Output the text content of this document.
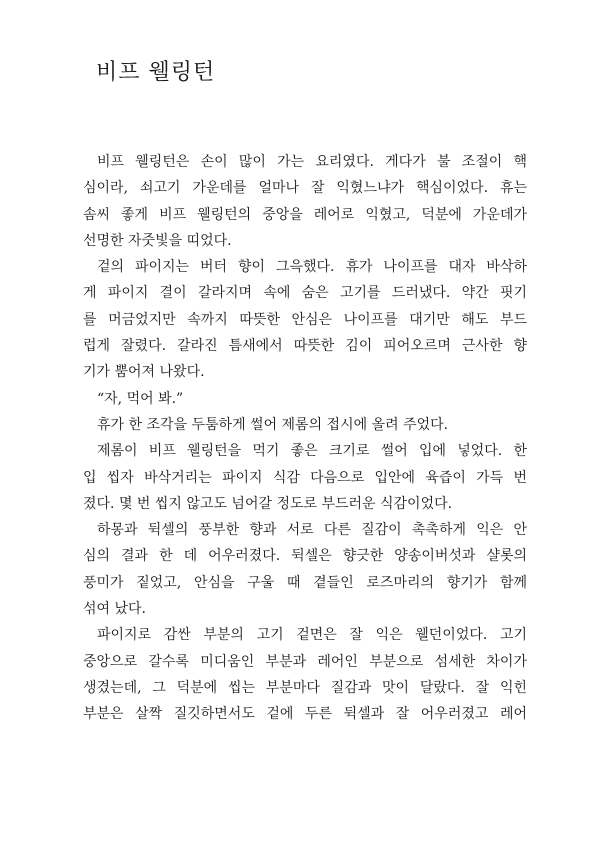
비프 웰링턴
비프 웰링턴은 손이 많이 가는 요리였다. 게다가 불 조절이 핵
심이라, 쇠고기 가운데를 얼마나 잘 익혔느냐가 핵심이었다. 휴는
솜씨 좋게 비프 웰링턴의 중앙을 레어로 익혔고, 덕분에 가운데가
선명한 자줏빛을 띠었다.
겉의 파이지는 버터 향이 그윽했다. 휴가 나이프를 대자 바삭하
게 파이지 결이 갈라지며 속에 숨은 고기를 드러냈다. 약간 핏기
를 머금었지만 속까지 따뜻한 안심은 나이프를 대기만 해도 부드
럽게 잘렸다. 갈라진 틈새에서 따뜻한 김이 피어오르며 근사한 향
기가 뿜어져 나왔다.
“자, 먹어 봐.”
휴가 한 조각을 두툼하게 썰어 제롬의 접시에 올려 주었다.
제롬이 비프 웰링턴을 먹기 좋은 크기로 썰어 입에 넣었다. 한
입 씹자 바삭거리는 파이지 식감 다음으로 입안에 육즙이 가득 번
졌다. 몇 번 씹지 않고도 넘어갈 정도로 부드러운 식감이었다.
하몽과 뒥셀의 풍부한 향과 서로 다른 질감이 촉촉하게 익은 안
심의 결과 한 데 어우러졌다. 뒥셀은 향긋한 양송이버섯과 샬롯의
풍미가 짙었고, 안심을 구울 때 곁들인 로즈마리의 향기가 함께
섞여 났다.
파이지로 감싼 부분의 고기 겉면은 잘 익은 웰던이었다. 고기
중앙으로 갈수록 미디움인 부분과 레어인 부분으로 섬세한 차이가
생겼는데, 그 덕분에 씹는 부분마다 질감과 맛이 달랐다. 잘 익힌
부분은 살짝 질깃하면서도 겉에 두른 뒥셀과 잘 어우러졌고 레어
